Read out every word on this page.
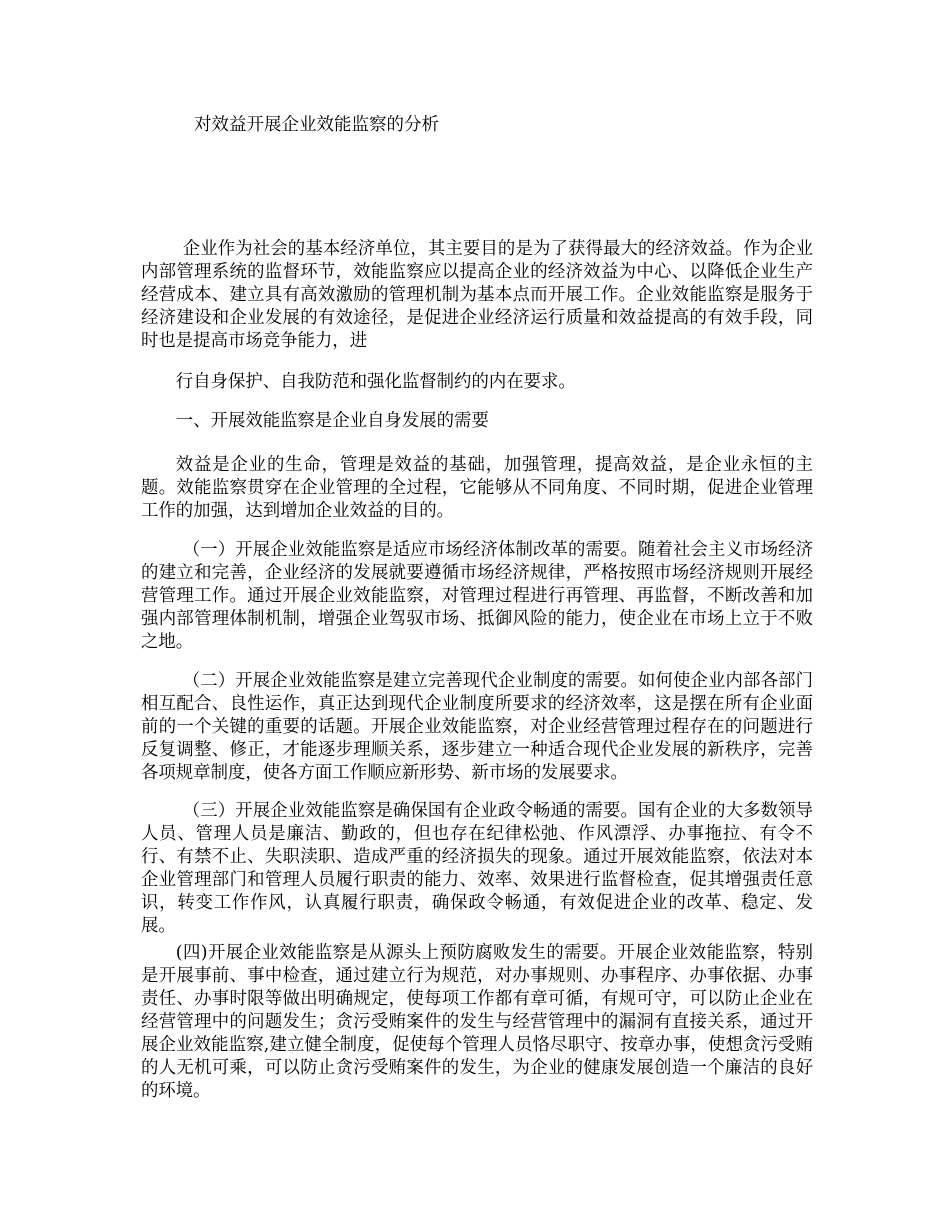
对效益开展企业效能监察的分析

企业作为社会的基本经济单位，其主要目的是为了获得最大的经济效益。作为企业内部管理系统的监督环节，效能监察应以提高企业的经济效益为中心、以降低企业生产经营成本、建立具有高效激励的管理机制为基本点而开展工作。企业效能监察是服务于经济建设和企业发展的有效途径，是促进企业经济运行质量和效益提高的有效手段，同时也是提高市场竞争能力，进

行自身保护、自我防范和强化监督制约的内在要求。

一、开展效能监察是企业自身发展的需要

效益是企业的生命，管理是效益的基础，加强管理，提高效益，是企业永恒的主题。效能监察贯穿在企业管理的全过程，它能够从不同角度、不同时期，促进企业管理工作的加强，达到增加企业效益的目的。

（一）开展企业效能监察是适应市场经济体制改革的需要。随着社会主义市场经济的建立和完善，企业经济的发展就要遵循市场经济规律，严格按照市场经济规则开展经营管理工作。通过开展企业效能监察，对管理过程进行再管理、再监督，不断改善和加强内部管理体制机制，增强企业驾驭市场、抵御风险的能力，使企业在市场上立于不败之地。

（二）开展企业效能监察是建立完善现代企业制度的需要。如何使企业内部各部门相互配合、良性运作，真正达到现代企业制度所要求的经济效率，这是摆在所有企业面前的一个关键的重要的话题。开展企业效能监察，对企业经营管理过程存在的问题进行反复调整、修正，才能逐步理顺关系，逐步建立一种适合现代企业发展的新秩序，完善各项规章制度，使各方面工作顺应新形势、新市场的发展要求。

（三）开展企业效能监察是确保国有企业政令畅通的需要。国有企业的大多数领导人员、管理人员是廉洁、勤政的，但也存在纪律松弛、作风漂浮、办事拖拉、有令不行、有禁不止、失职渎职、造成严重的经济损失的现象。通过开展效能监察，依法对本企业管理部门和管理人员履行职责的能力、效率、效果进行监督检查，促其增强责任意识，转变工作作风，认真履行职责，确保政令畅通，有效促进企业的改革、稳定、发展。

(四)开展企业效能监察是从源头上预防腐败发生的需要。开展企业效能监察，特别是开展事前、事中检查，通过建立行为规范，对办事规则、办事程序、办事依据、办事责任、办事时限等做出明确规定，使每项工作都有章可循，有规可守，可以防止企业在经营管理中的问题发生；贪污受贿案件的发生与经营管理中的漏洞有直接关系，通过开展企业效能监察,建立健全制度，促使每个管理人员恪尽职守、按章办事，使想贪污受贿的人无机可乘，可以防止贪污受贿案件的发生，为企业的健康发展创造一个廉洁的良好的环境。
